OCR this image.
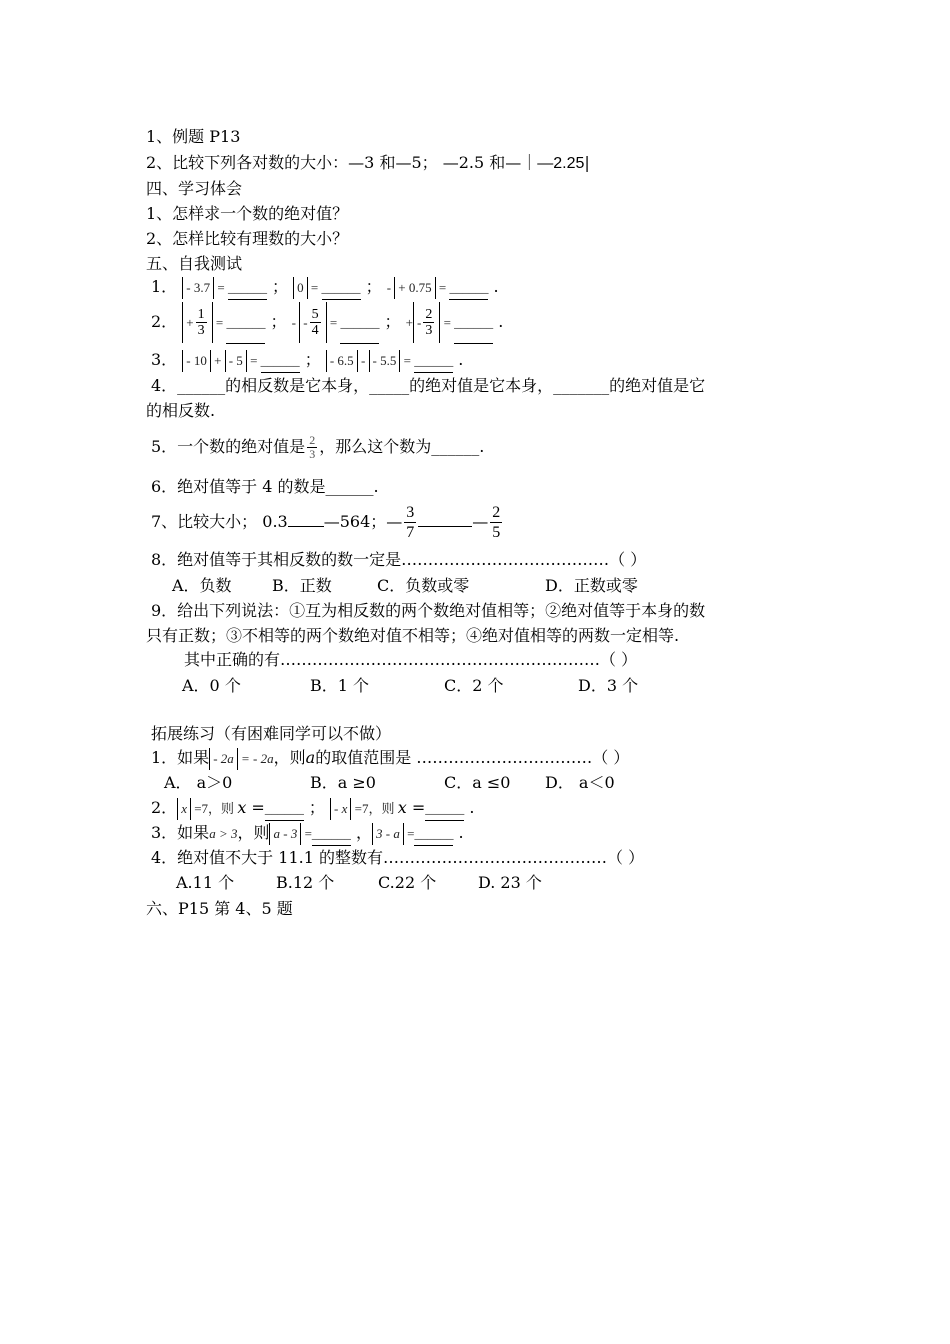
1、例题 P13
2、比较下列各对数的大小：—3 和—5； —2.5 和—｜—2.25|
四、学习体会
1、怎样求一个数的绝对值？
2、怎样比较有理数的大小？
五、自我测试
1． - 3.7 = ______ ； 0 = ______ ； - + 0.75 = ______ .
2． + $\frac{1}{3}$ = ______ ； - - $\frac{5}{4}$ = ______ ； + - $\frac{2}{3}$ = ______ .
3． - 10 + - 5 = ______ ； - 6.5 - - 5.5 = ______ .
4．______的相反数是它本身，_____的绝对值是它本身，_______的绝对值是它
的相反数.
5．一个数的绝对值是 $\frac{2}{3}$ ，那么这个数为______.
6．绝对值等于 4 的数是______.
7、比较大小； 0.3 —564；— $\frac{3}{7}$	— $\frac{2}{5}$
8．绝对值等于其相反数的数一定是…………………………………（ ）
A．负数	B．正数	C．负数或零	D．正数或零
9．给出下列说法：①互为相反数的两个数绝对值相等；②绝对值等于本身的数
只有正数；③不相等的两个数绝对值不相等；④绝对值相等的两数一定相等.
其中正确的有……………………………………………………（ ）
A．0 个	B．1 个	C．2 个	D．3 个
拓展练习（有困难同学可以不做）
1．如果 - 2a = - 2a，则a的取值范围是 ……………………………（ ）
A． a＞0	B．a ≥0	C．a ≤0 D． a＜0
2． x =7，则 x =______ ； - x =7，则 x =______ .
3．如果a > 3，则 a - 3 =______ ， 3 - a =______ .
4．绝对值不大于 11.1 的整数有……………………………………（ ）
A.11 个	B.12 个	C.22 个	D. 23 个
六、P15 第 4、5 题
